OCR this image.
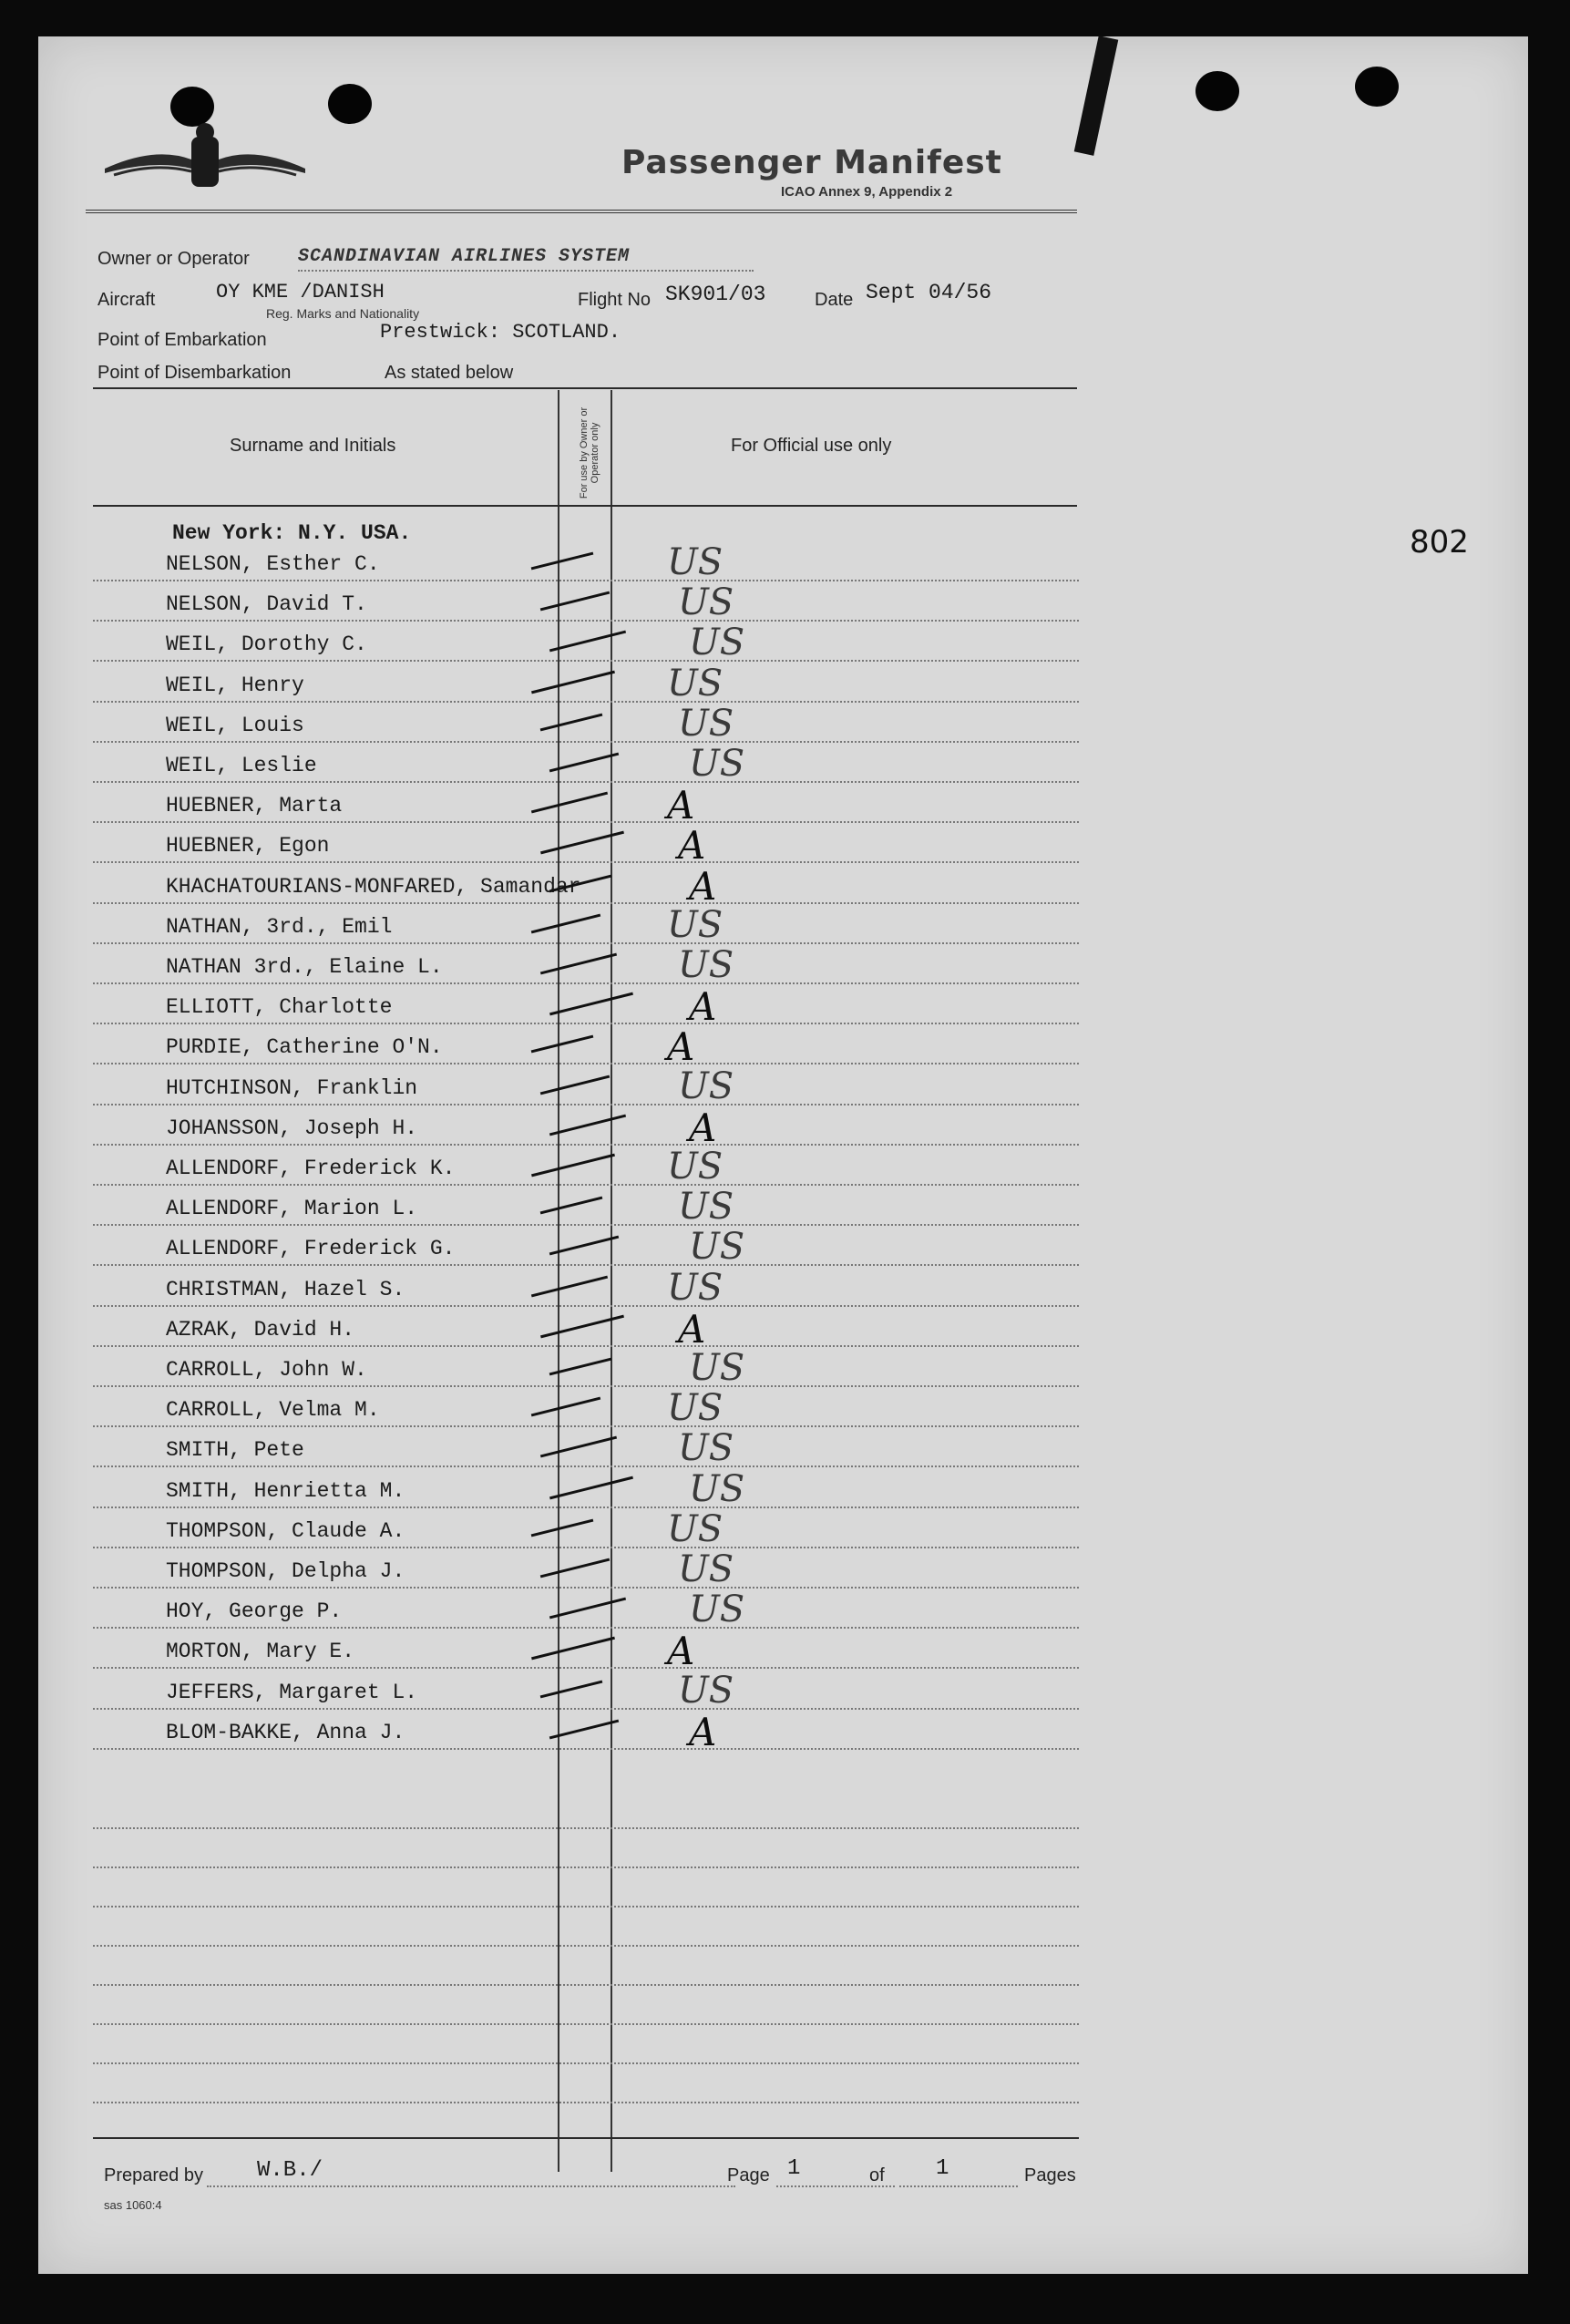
Passenger Manifest
ICAO Annex 9, Appendix 2
Owner or Operator	SCANDINAVIAN AIRLINES SYSTEM
Aircraft	OY KME /DANISH
Reg. Marks and Nationality
Flight No SK901/03	Date Sept 04/56
Point of Embarkation	Prestwick: SCOTLAND.
Point of Disembarkation	As stated below
Surname and Initials	For use by Owner or Operator only	For Official use only
802
New York: N.Y. USA.
NELSON, Esther C.	US
NELSON, David T.	US
WEIL, Dorothy C.	US
WEIL, Henry	US
WEIL, Louis	US
WEIL, Leslie	US
HUEBNER, Marta	A
HUEBNER, Egon	A
KHACHATOURIANS-MONFARED, Samandar	A
NATHAN, 3rd., Emil	US
NATHAN 3rd., Elaine L.	US
ELLIOTT, Charlotte	A
PURDIE, Catherine O'N.	A
HUTCHINSON, Franklin	US
JOHANSSON, Joseph H.	A
ALLENDORF, Frederick K.	US
ALLENDORF, Marion L.	US
ALLENDORF, Frederick G.	US
CHRISTMAN, Hazel S.	US
AZRAK, David H.	A
CARROLL, John W.	US
CARROLL, Velma M.	US
SMITH, Pete	US
SMITH, Henrietta M.	US
THOMPSON, Claude A.	US
THOMPSON, Delpha J.	US
HOY, George P.	US
MORTON, Mary E.	A
JEFFERS, Margaret L.	US
BLOM-BAKKE, Anna J.	A
Prepared by W.B./	Page 1	of 1	Pages
sas 1060:4
